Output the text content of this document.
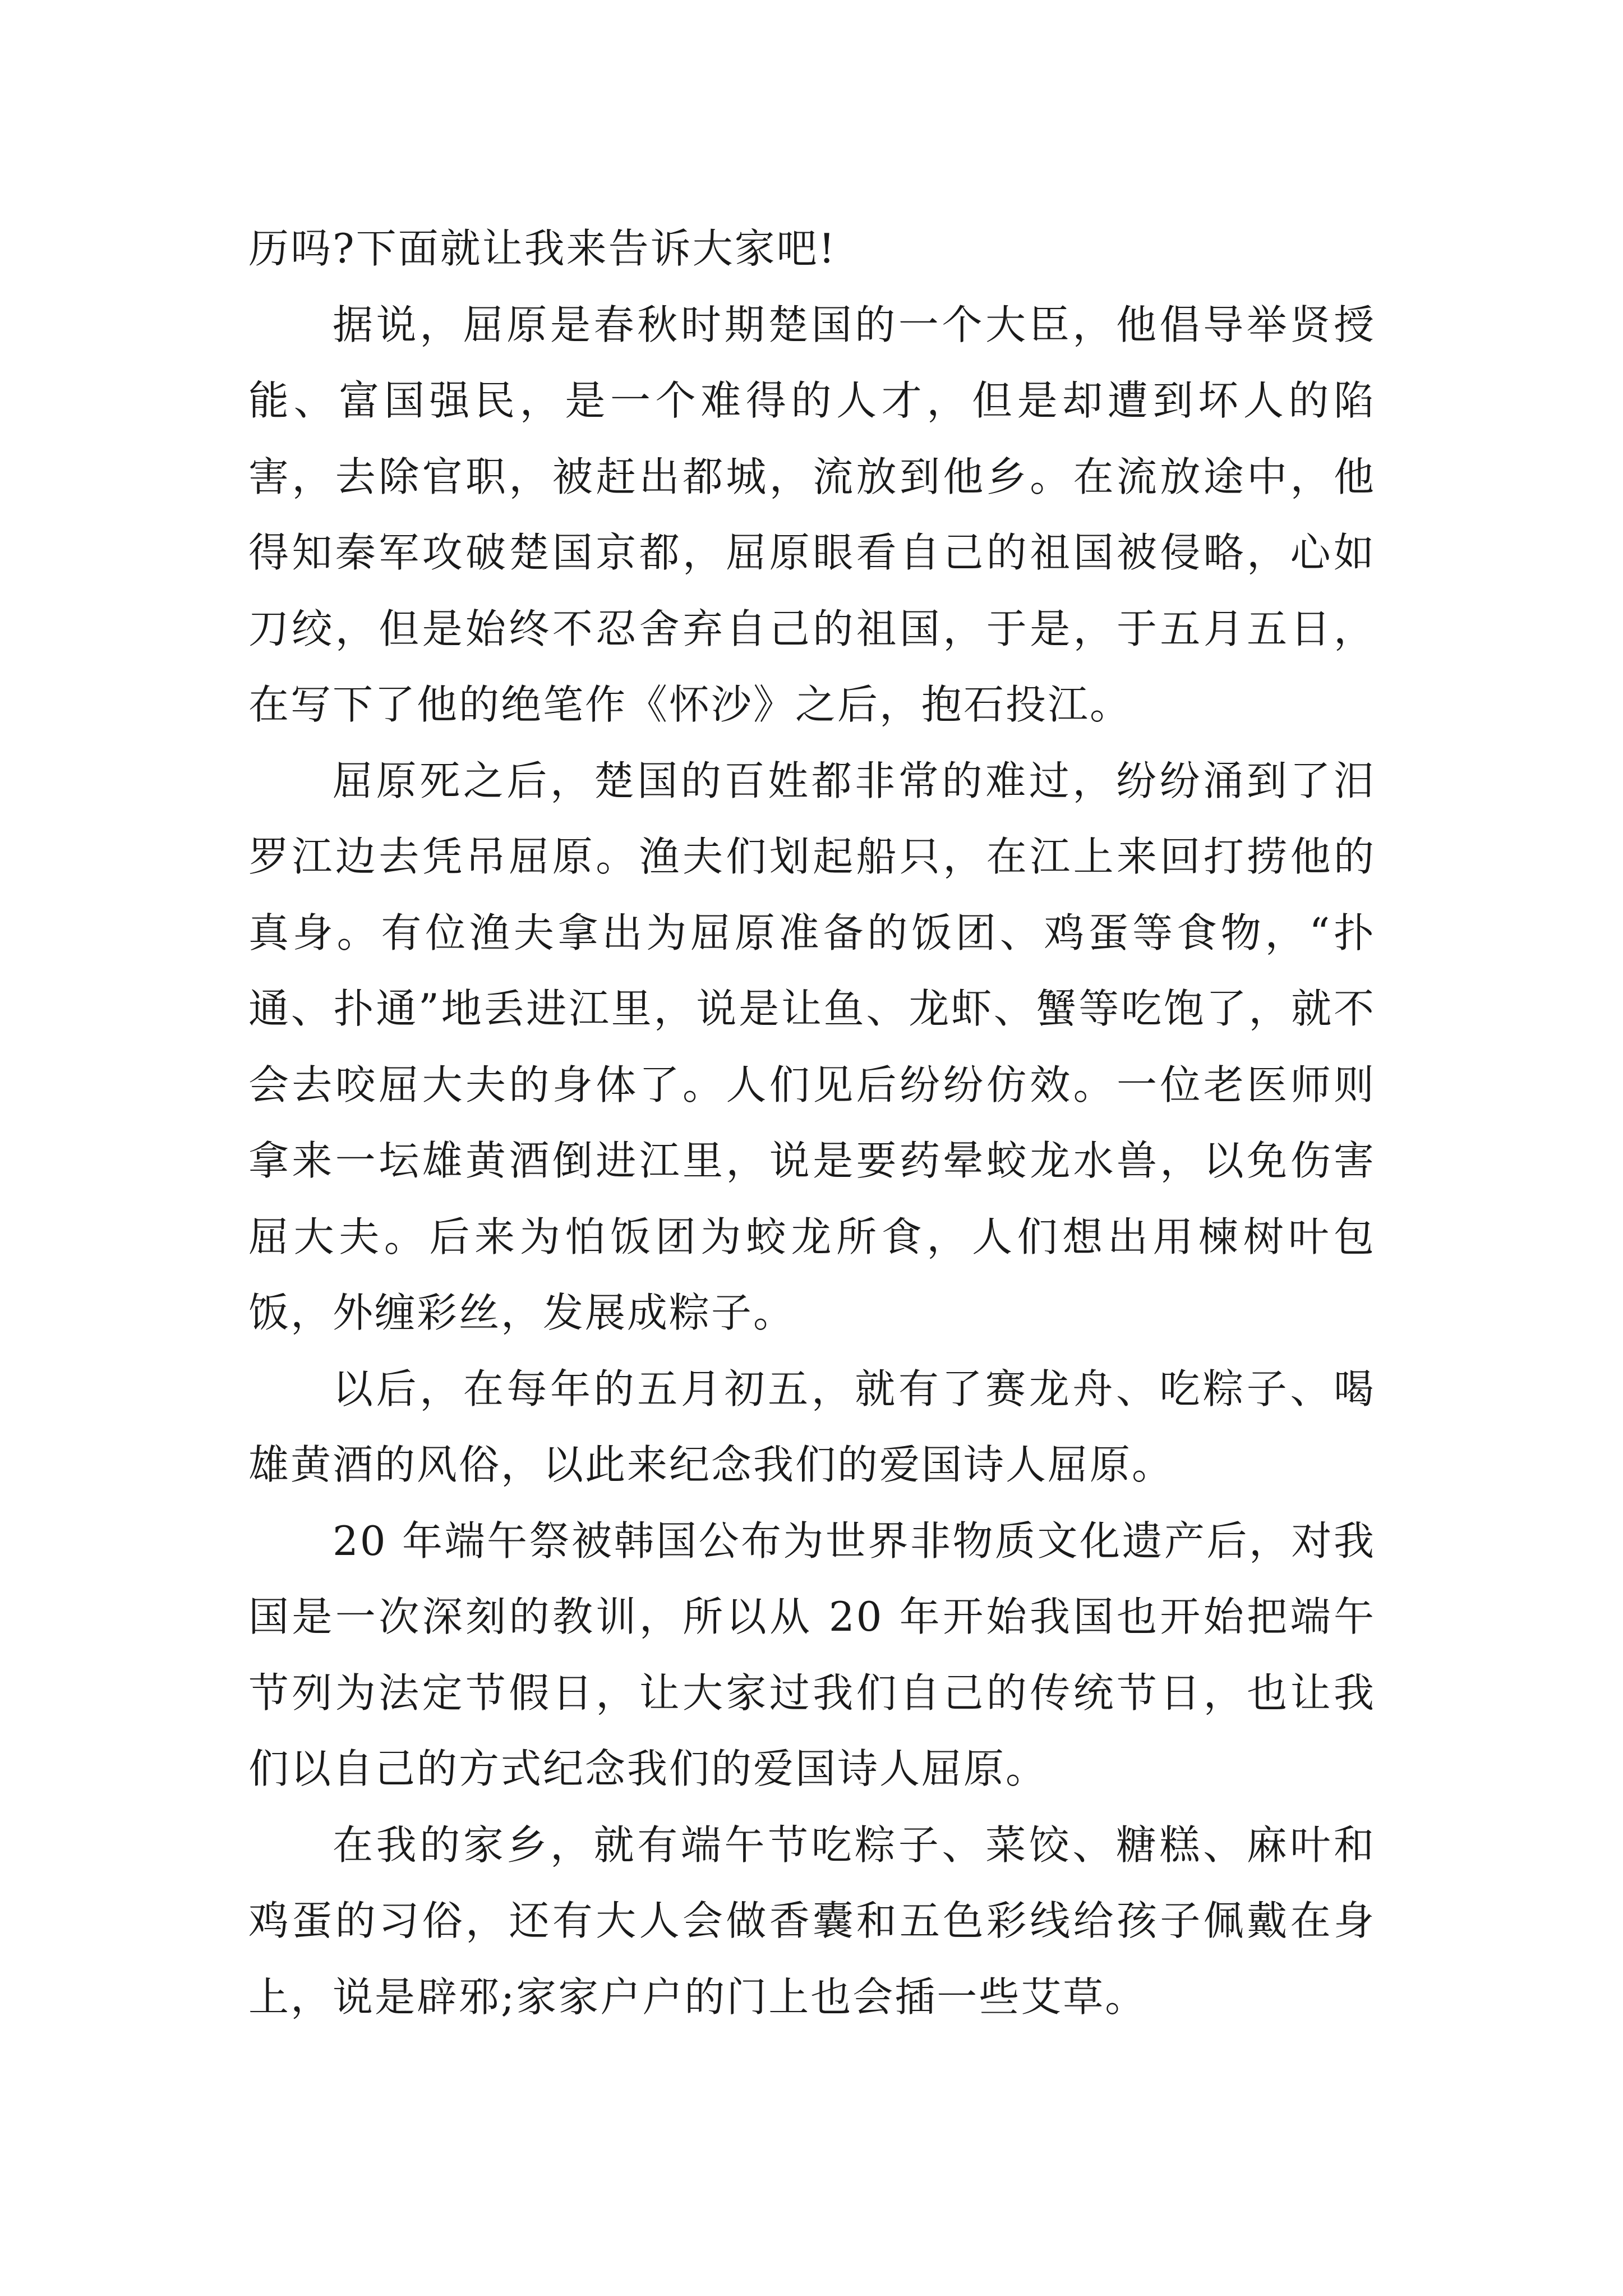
历吗?下面就让我来告诉大家吧!

据说，屈原是春秋时期楚国的一个大臣，他倡导举贤授能、富国强民，是一个难得的人才，但是却遭到坏人的陷害，去除官职，被赶出都城，流放到他乡。在流放途中，他得知秦军攻破楚国京都，屈原眼看自己的祖国被侵略，心如刀绞，但是始终不忍舍弃自己的祖国，于是，于五月五日，在写下了他的绝笔作《怀沙》之后，抱石投江。

屈原死之后，楚国的百姓都非常的难过，纷纷涌到了汨罗江边去凭吊屈原。渔夫们划起船只，在江上来回打捞他的真身。有位渔夫拿出为屈原准备的饭团、鸡蛋等食物，“扑通、扑通”地丢进江里，说是让鱼、龙虾、蟹等吃饱了，就不会去咬屈大夫的身体了。人们见后纷纷仿效。一位老医师则拿来一坛雄黄酒倒进江里，说是要药晕蛟龙水兽，以免伤害屈大夫。后来为怕饭团为蛟龙所食，人们想出用楝树叶包饭，外缠彩丝，发展成粽子。

以后，在每年的五月初五，就有了赛龙舟、吃粽子、喝雄黄酒的风俗，以此来纪念我们的爱国诗人屈原。

20 年端午祭被韩国公布为世界非物质文化遗产后，对我国是一次深刻的教训，所以从 20 年开始我国也开始把端午节列为法定节假日，让大家过我们自己的传统节日，也让我们以自己的方式纪念我们的爱国诗人屈原。

在我的家乡，就有端午节吃粽子、菜饺、糖糕、麻叶和鸡蛋的习俗，还有大人会做香囊和五色彩线给孩子佩戴在身上，说是辟邪;家家户户的门上也会插一些艾草。
